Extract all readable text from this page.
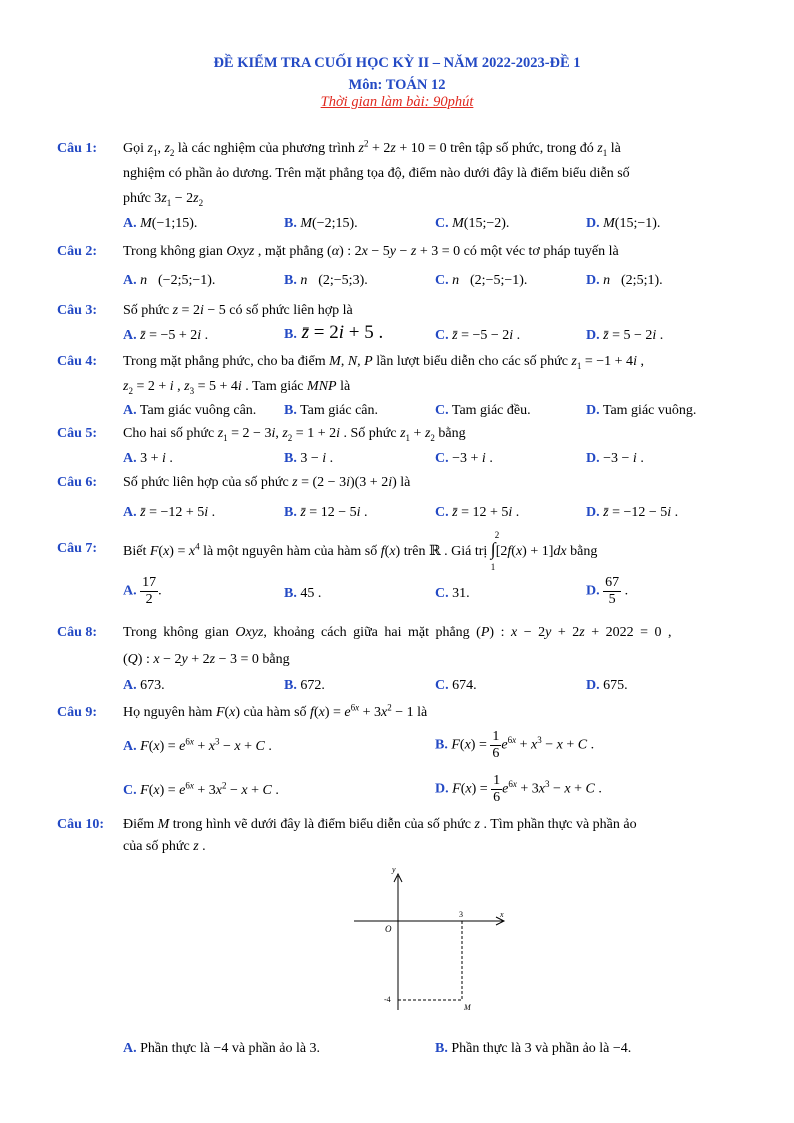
ĐỀ KIỂM TRA CUỐI HỌC KỲ II – NĂM 2022-2023-ĐỀ 1
Môn: TOÁN 12
Thời gian làm bài: 90phút
Câu 1: Gọi $z_1$, $z_2$ là các nghiệm của phương trình $z^2 + 2z + 10 = 0$ trên tập số phức, trong đó $z_1$ là
nghiệm có phần ảo dương. Trên mặt phẳng tọa độ, điểm nào dưới đây là điểm biểu diễn số
phức $3z_1 - 2z_2$
A. M(−1;15).	B. M(−2;15).	C. M(15;−2).	D. M(15;−1).
Câu 2: Trong không gian Oxyz , mặt phẳng (α) : 2x − 5y − z + 3 = 0 có một véc tơ pháp tuyến là
A. n⃗(−2;5;−1).	B. n⃗(2;−5;3).	C. n⃗(2;−5;−1).	D. n⃗(2;5;1).
Câu 3: Số phức z = 2i − 5 có số phức liên hợp là
A. z̄ = −5 + 2i .	B. z̄ = 2i + 5 .	C. z̄ = −5 − 2i .	D. z̄ = 5 − 2i .
Câu 4: Trong mặt phẳng phức, cho ba điểm M, N, P lần lượt biểu diễn cho các số phức $z_1 = -1 + 4i$ ,
$z_2 = 2 + i$ , $z_3 = 5 + 4i$ . Tam giác MNP là
A. Tam giác vuông cân. B. Tam giác cân.	C. Tam giác đều.	D. Tam giác vuông.
Câu 5: Cho hai số phức $z_1 = 2 - 3i$, $z_2 = 1 + 2i$ . Số phức $z_1 + z_2$ bằng
A. 3 + i .	B. 3 − i .	C. −3 + i .	D. −3 − i .
Câu 6: Số phức liên hợp của số phức z = (2 − 3i)(3 + 2i) là
A. z̄ = −12 + 5i .	B. z̄ = 12 − 5i .	C. z̄ = 12 + 5i .	D. z̄ = −12 − 5i .
Câu 7: Biết $F(x) = x^4$ là một nguyên hàm của hàm số f(x) trên ℝ . Giá trị ∫
2
1
[2f(x) + 1]dx bằng
A. $\frac{17}{2}$ .	B. 45 .	C. 31.	D. $\frac{67}{5}$ .
Câu 8: Trong không gian Oxyz, khoảng cách giữa hai mặt phẳng (P) : x − 2y + 2z + 2022 = 0 ,
(Q) : x − 2y + 2z − 3 = 0 bằng
A. 673.	B. 672.	C. 674.	D. 675.
Câu 9: Họ nguyên hàm F(x) của hàm số $f(x) = e^{6x} + 3x^2 - 1$ là
A. $F(x) = e^{6x} + x^3 - x + C$ .	B. $F(x) = \frac{1}{6} e^{6x} + x^3 - x + C$ .
C. $F(x) = e^{6x} + 3x^2 - x + C$ .	D. $F(x) = \frac{1}{6} e^{6x} + 3x^3 - x + C$ .
Câu 10: Điểm M trong hình vẽ dưới đây là điểm biểu diễn của số phức z . Tìm phần thực và phần ảo
của số phức z .
y
x
O
3
-4
M
A. Phần thực là −4 và phần ảo là 3.	B. Phần thực là 3 và phần ảo là −4.
